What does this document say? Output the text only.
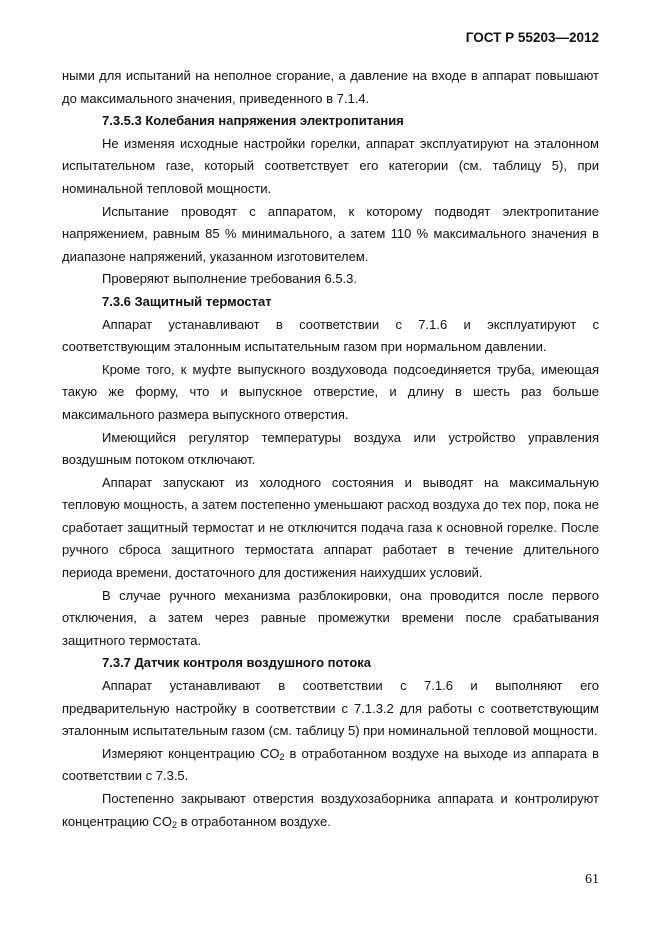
ГОСТ Р 55203—2012

ными для испытаний на неполное сгорание, а давление на входе в аппарат повышают до максимального значения, приведенного в 7.1.4.

7.3.5.3 Колебания напряжения электропитания

Не изменяя исходные настройки горелки, аппарат эксплуатируют на эталонном испытательном газе, который соответствует его категории (см. таблицу 5), при номинальной тепловой мощности.

Испытание проводят с аппаратом, к которому подводят электропитание напряжением, равным 85 % минимального, а затем 110 % максимального значения в диапазоне напряжений, указанном изготовителем.

Проверяют выполнение требования 6.5.3.

7.3.6 Защитный термостат

Аппарат устанавливают в соответствии с 7.1.6 и эксплуатируют с соответствующим эталонным испытательным газом при нормальном давлении.

Кроме того, к муфте выпускного воздуховода подсоединяется труба, имеющая такую же форму, что и выпускное отверстие, и длину в шесть раз больше максимального размера выпускного отверстия.

Имеющийся регулятор температуры воздуха или устройство управления воздушным потоком отключают.

Аппарат запускают из холодного состояния и выводят на максимальную тепловую мощность, а затем постепенно уменьшают расход воздуха до тех пор, пока не сработает защитный термостат и не отключится подача газа к основной горелке. После ручного сброса защитного термостата аппарат работает в течение длительного периода времени, достаточного для достижения наихудших условий.

В случае ручного механизма разблокировки, она проводится после первого отключения, а затем через равные промежутки времени после срабатывания защитного термостата.

7.3.7 Датчик контроля воздушного потока

Аппарат устанавливают в соответствии с 7.1.6 и выполняют его предварительную настройку в соответствии с 7.1.3.2 для работы с соответствующим эталонным испытательным газом (см. таблицу 5) при номинальной тепловой мощности.

Измеряют концентрацию $CO_2$ в отработанном воздухе на выходе из аппарата в соответствии с 7.3.5.

Постепенно закрывают отверстия воздухозаборника аппарата и контролируют концентрацию $CO_2$ в отработанном воздухе.

61
